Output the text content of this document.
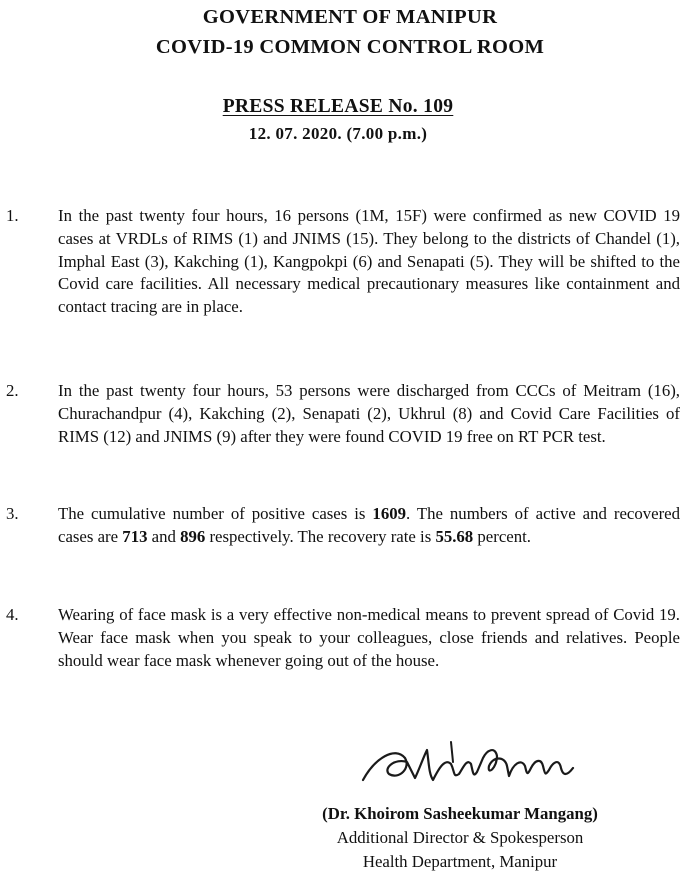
GOVERNMENT OF MANIPUR
COVID-19 COMMON CONTROL ROOM
PRESS RELEASE No. 109
12. 07. 2020. (7.00 p.m.)
1. In the past twenty four hours, 16 persons (1M, 15F) were confirmed as new COVID 19 cases at VRDLs of RIMS (1) and JNIMS (15). They belong to the districts of Chandel (1), Imphal East (3), Kakching (1), Kangpokpi (6) and Senapati (5). They will be shifted to the Covid care facilities. All necessary medical precautionary measures like containment and contact tracing are in place.
2. In the past twenty four hours, 53 persons were discharged from CCCs of Meitram (16), Churachandpur (4), Kakching (2), Senapati (2), Ukhrul (8) and Covid Care Facilities of RIMS (12) and JNIMS (9) after they were found COVID 19 free on RT PCR test.
3. The cumulative number of positive cases is 1609. The numbers of active and recovered cases are 713 and 896 respectively. The recovery rate is 55.68 percent.
4. Wearing of face mask is a very effective non-medical means to prevent spread of Covid 19. Wear face mask when you speak to your colleagues, close friends and relatives. People should wear face mask whenever going out of the house.
(Dr. Khoirom Sasheekumar Mangang)
Additional Director & Spokesperson
Health Department, Manipur
